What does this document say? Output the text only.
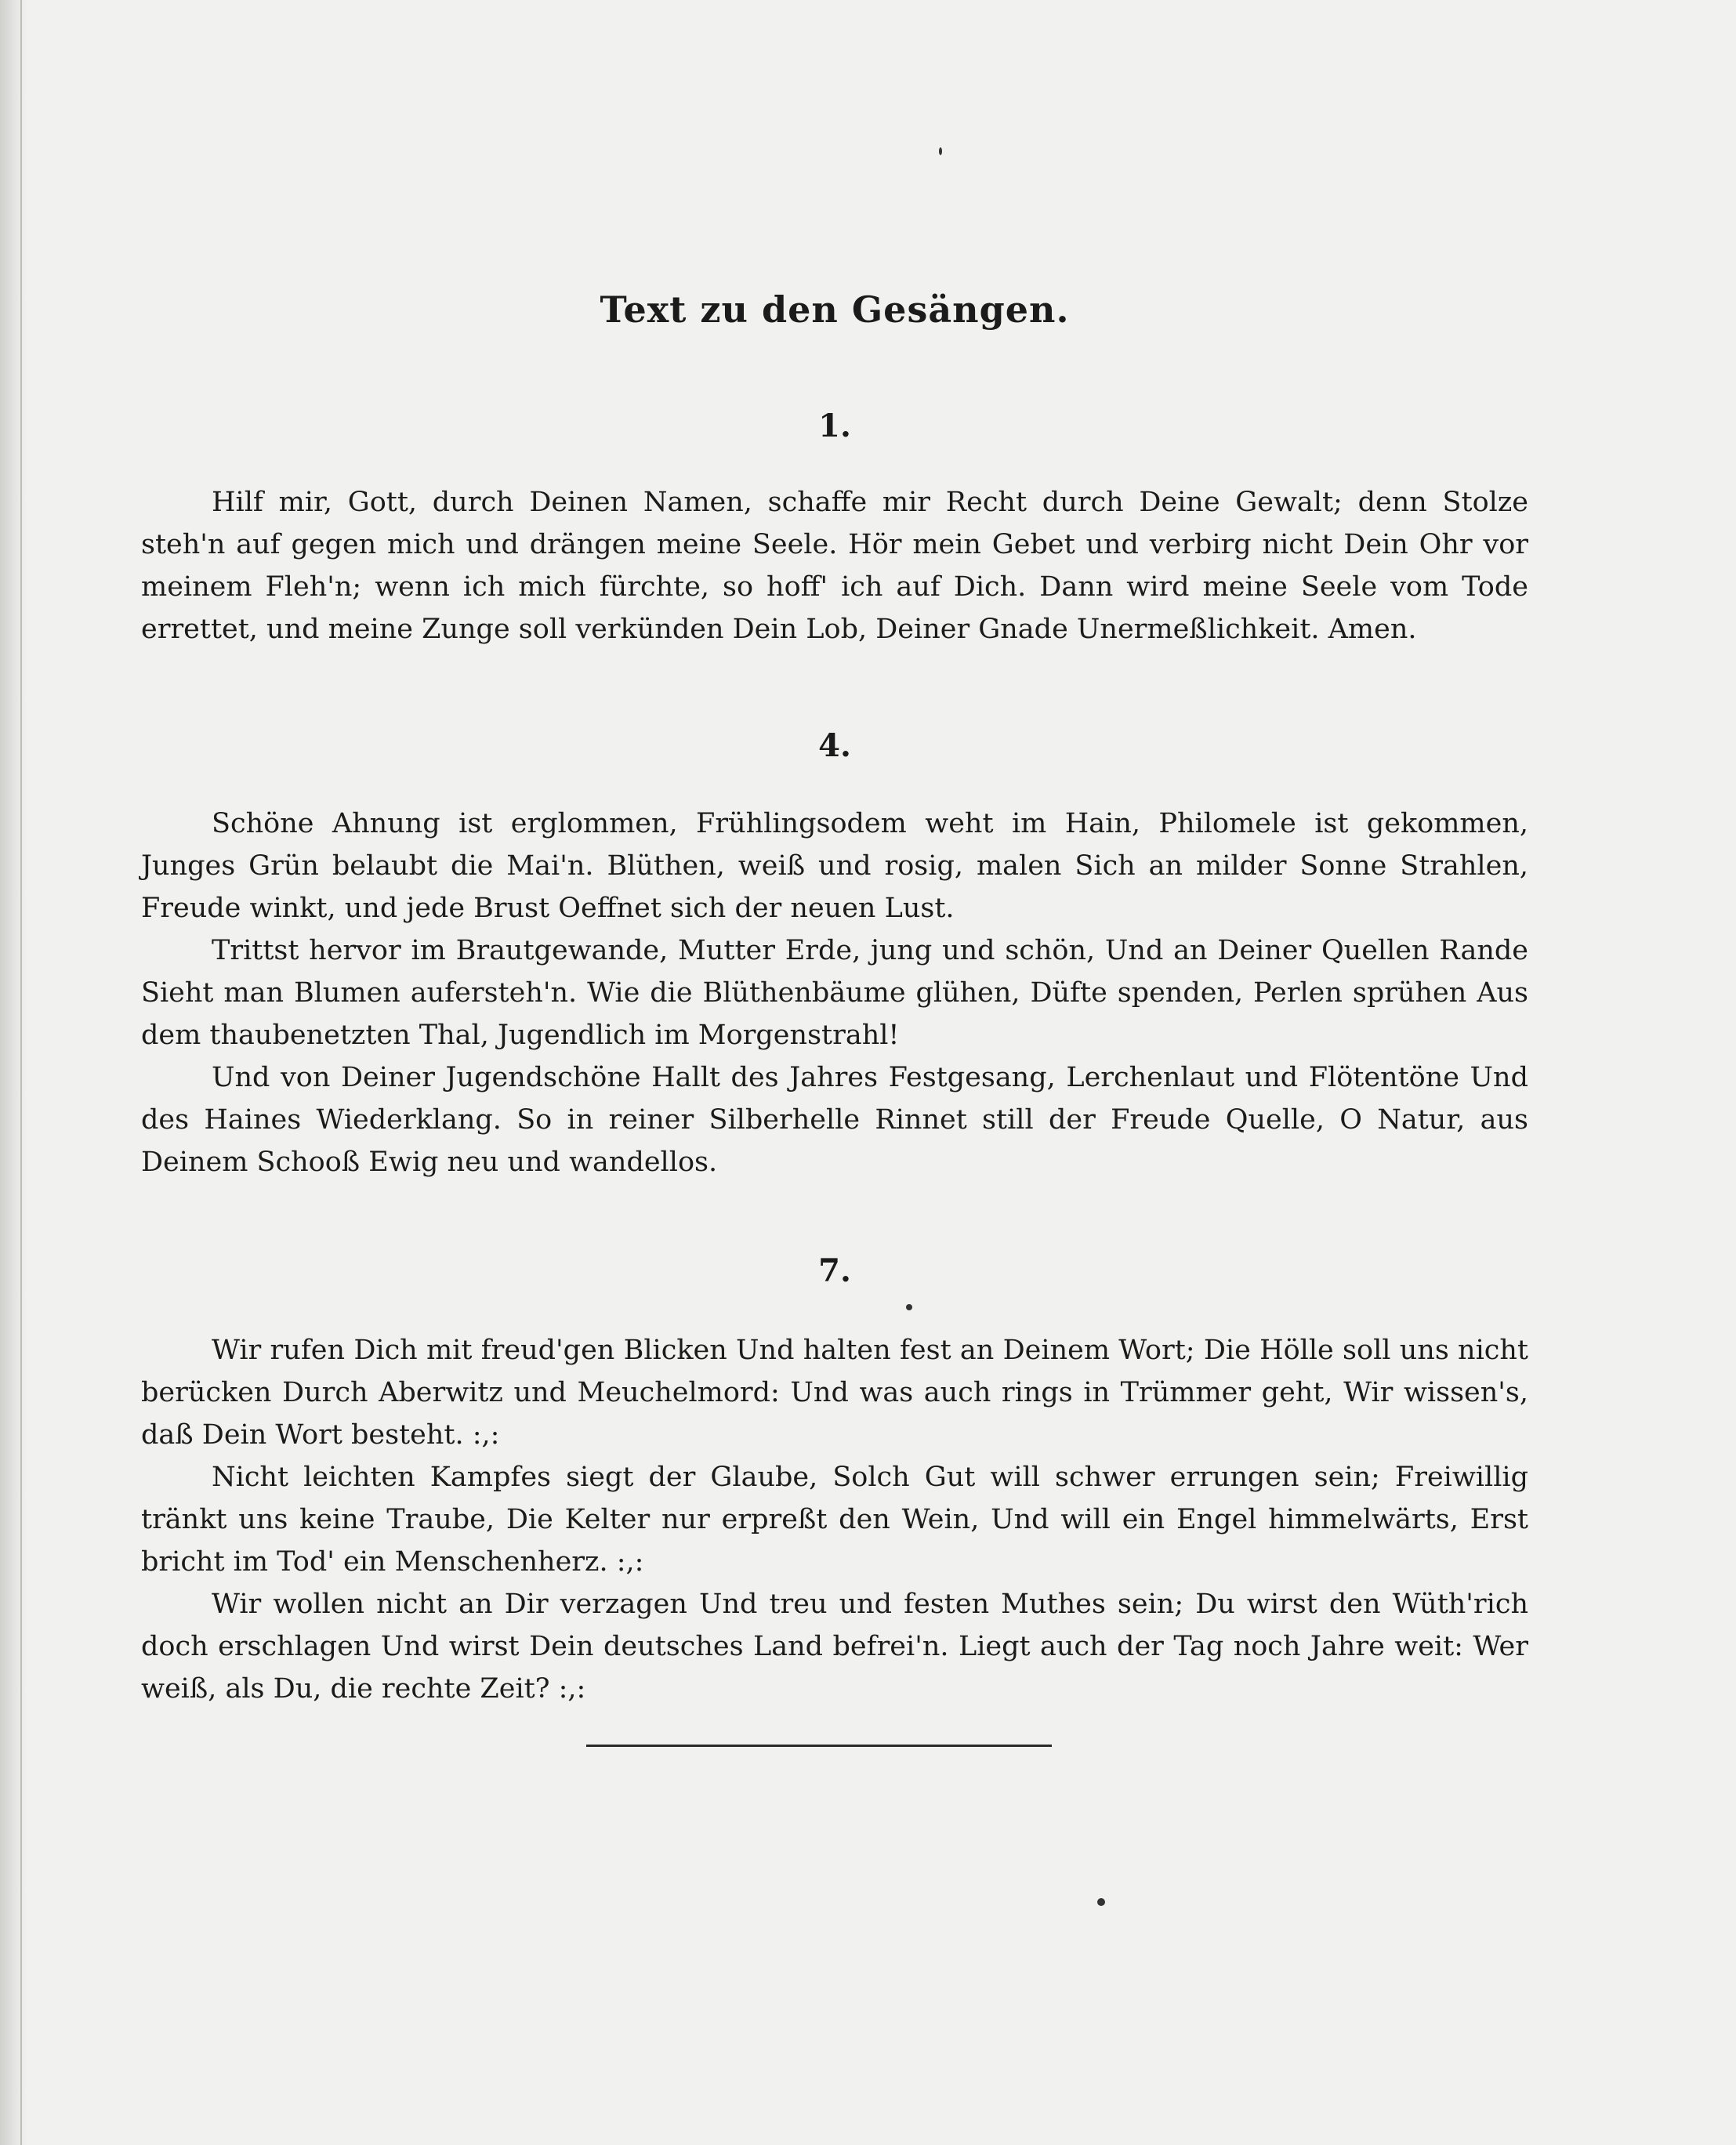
Text zu den Gesängen.
1.

Hilf mir, Gott, durch Deinen Namen, schaffe mir Recht durch Deine Gewalt; denn Stolze steh'n auf gegen mich und drängen meine Seele. Hör mein Gebet und verbirg nicht Dein Ohr vor meinem Fleh'n; wenn ich mich fürchte, so hoff' ich auf Dich. Dann wird meine Seele vom Tode errettet, und meine Zunge soll verkünden Dein Lob, Deiner Gnade Unermeßlichkeit. Amen.

4.

Schöne Ahnung ist erglommen, Frühlingsodem weht im Hain, Philomele ist gekommen, Junges Grün belaubt die Mai'n. Blüthen, weiß und rosig, malen Sich an milder Sonne Strahlen, Freude winkt, und jede Brust Oeffnet sich der neuen Lust.

Trittst hervor im Brautgewande, Mutter Erde, jung und schön, Und an Deiner Quellen Rande Sieht man Blumen aufersteh'n. Wie die Blüthenbäume glühen, Düfte spenden, Perlen sprühen Aus dem thaubenetzten Thal, Jugendlich im Morgenstrahl!

Und von Deiner Jugendschöne Hallt des Jahres Festgesang, Lerchenlaut und Flötentöne Und des Haines Wiederklang. So in reiner Silberhelle Rinnet still der Freude Quelle, O Natur, aus Deinem Schooß Ewig neu und wandellos.

7.

Wir rufen Dich mit freud'gen Blicken Und halten fest an Deinem Wort; Die Hölle soll uns nicht berücken Durch Aberwitz und Meuchelmord: Und was auch rings in Trümmer geht, Wir wissen's, daß Dein Wort besteht. :,:

Nicht leichten Kampfes siegt der Glaube, Solch Gut will schwer errungen sein; Freiwillig tränkt uns keine Traube, Die Kelter nur erpreßt den Wein, Und will ein Engel himmelwärts, Erst bricht im Tod' ein Menschenherz. :,:

Wir wollen nicht an Dir verzagen Und treu und festen Muthes sein; Du wirst den Wüth'rich doch erschlagen Und wirst Dein deutsches Land befrei'n. Liegt auch der Tag noch Jahre weit: Wer weiß, als Du, die rechte Zeit? :,:
